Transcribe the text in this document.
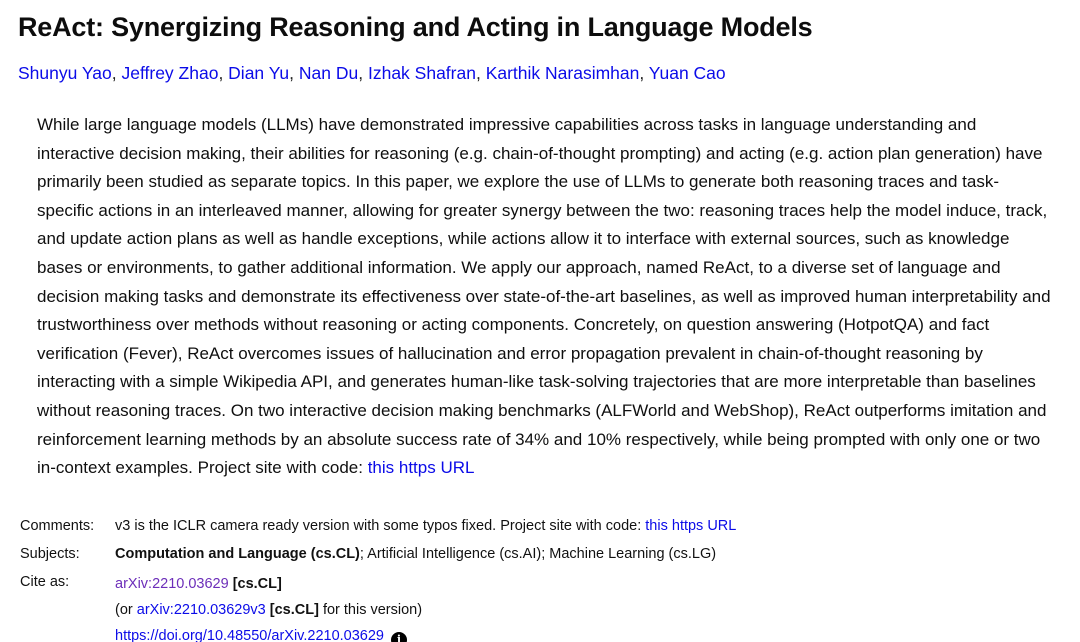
ReAct: Synergizing Reasoning and Acting in Language Models
Shunyu Yao, Jeffrey Zhao, Dian Yu, Nan Du, Izhak Shafran, Karthik Narasimhan, Yuan Cao
While large language models (LLMs) have demonstrated impressive capabilities across tasks in language understanding and interactive decision making, their abilities for reasoning (e.g. chain-of-thought prompting) and acting (e.g. action plan generation) have primarily been studied as separate topics. In this paper, we explore the use of LLMs to generate both reasoning traces and task-specific actions in an interleaved manner, allowing for greater synergy between the two: reasoning traces help the model induce, track, and update action plans as well as handle exceptions, while actions allow it to interface with external sources, such as knowledge bases or environments, to gather additional information. We apply our approach, named ReAct, to a diverse set of language and decision making tasks and demonstrate its effectiveness over state-of-the-art baselines, as well as improved human interpretability and trustworthiness over methods without reasoning or acting components. Concretely, on question answering (HotpotQA) and fact verification (Fever), ReAct overcomes issues of hallucination and error propagation prevalent in chain-of-thought reasoning by interacting with a simple Wikipedia API, and generates human-like task-solving trajectories that are more interpretable than baselines without reasoning traces. On two interactive decision making benchmarks (ALFWorld and WebShop), ReAct outperforms imitation and reinforcement learning methods by an absolute success rate of 34% and 10% respectively, while being prompted with only one or two in-context examples. Project site with code: this https URL
Comments:	v3 is the ICLR camera ready version with some typos fixed. Project site with code: this https URL
Subjects:	Computation and Language (cs.CL); Artificial Intelligence (cs.AI); Machine Learning (cs.LG)
Cite as:	arXiv:2210.03629 [cs.CL]
(or arXiv:2210.03629v3 [cs.CL] for this version)
https://doi.org/10.48550/arXiv.2210.03629 i
